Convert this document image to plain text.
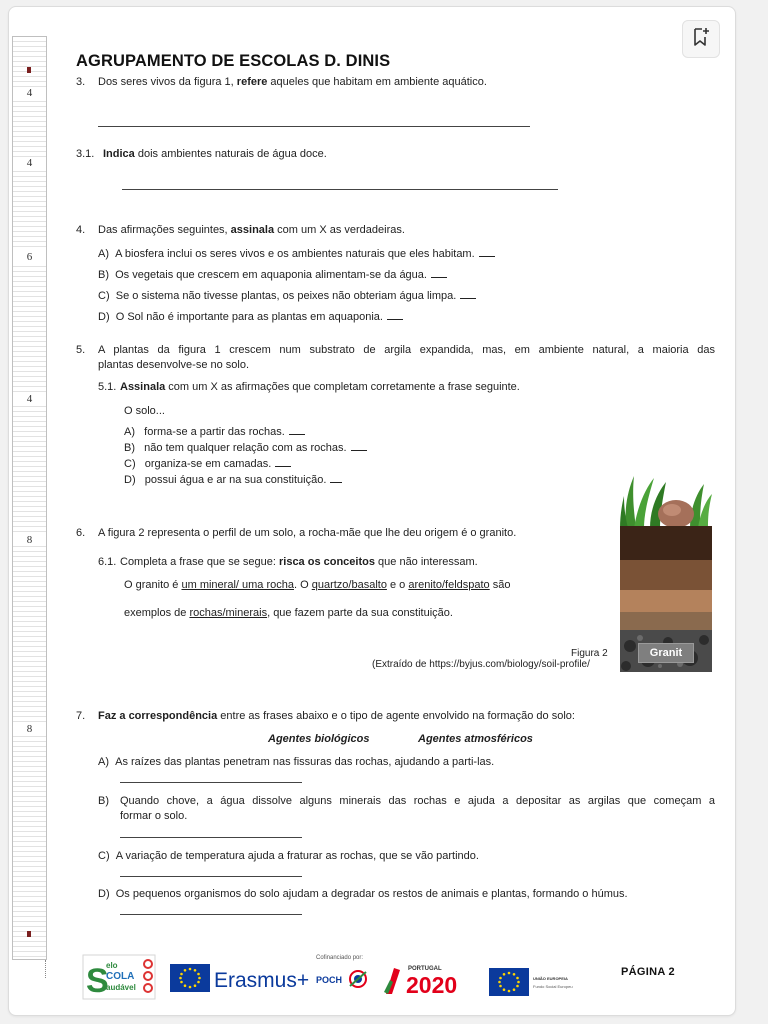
4
4
6
4
8
8
AGRUPAMENTO DE ESCOLAS D. DINIS
3. Dos seres vivos da figura 1, refere aqueles que habitam em ambiente aquático.
3.1. Indica dois ambientes naturais de água doce.
4. Das afirmações seguintes, assinala com um X as verdadeiras.
A) A biosfera inclui os seres vivos e os ambientes naturais que eles habitam.
B) Os vegetais que crescem em aquaponia alimentam-se da água.
C) Se o sistema não tivesse plantas, os peixes não obteriam água limpa.
D) O Sol não é importante para as plantas em aquaponia.
5. A plantas da figura 1 crescem num substrato de argila expandida, mas, em ambiente natural, a maioria das
plantas desenvolve-se no solo.
5.1. Assinala com um X as afirmações que completam corretamente a frase seguinte.
O solo...
A) forma-se a partir das rochas.
B) não tem qualquer relação com as rochas.
C) organiza-se em camadas.
D) possui água e ar na sua constituição.
6. A figura 2 representa o perfil de um solo, a rocha-mãe que lhe deu origem é o granito.
6.1. Completa a frase que se segue: risca os conceitos que não interessam.
O granito é um mineral/ uma rocha. O quartzo/basalto e o arenito/feldspato são
exemplos de rochas/minerais, que fazem parte da sua constituição.
Granit
Figura 2
(Extraído de https://byjus.com/biology/soil-profile/
7. Faz a correspondência entre as frases abaixo e o tipo de agente envolvido na formação do solo:
Agentes biológicos	Agentes atmosféricos
A) As raízes das plantas penetram nas fissuras das rochas, ajudando a parti-las.
B) Quando chove, a água dissolve alguns minerais das rochas e ajuda a depositar as argilas que começam a
formar o solo.
C) A variação de temperatura ajuda a fraturar as rochas, que se vão partindo.
D) Os pequenos organismos do solo ajudam a degradar os restos de animais e plantas, formando o húmus.
S
elo
COLA
audável	Erasmus+
Cofinanciado por:
POCH
PORTUGAL
2020	UNIÃO EUROPEIA
Fundo Social Europeu
PÁGINA 2
